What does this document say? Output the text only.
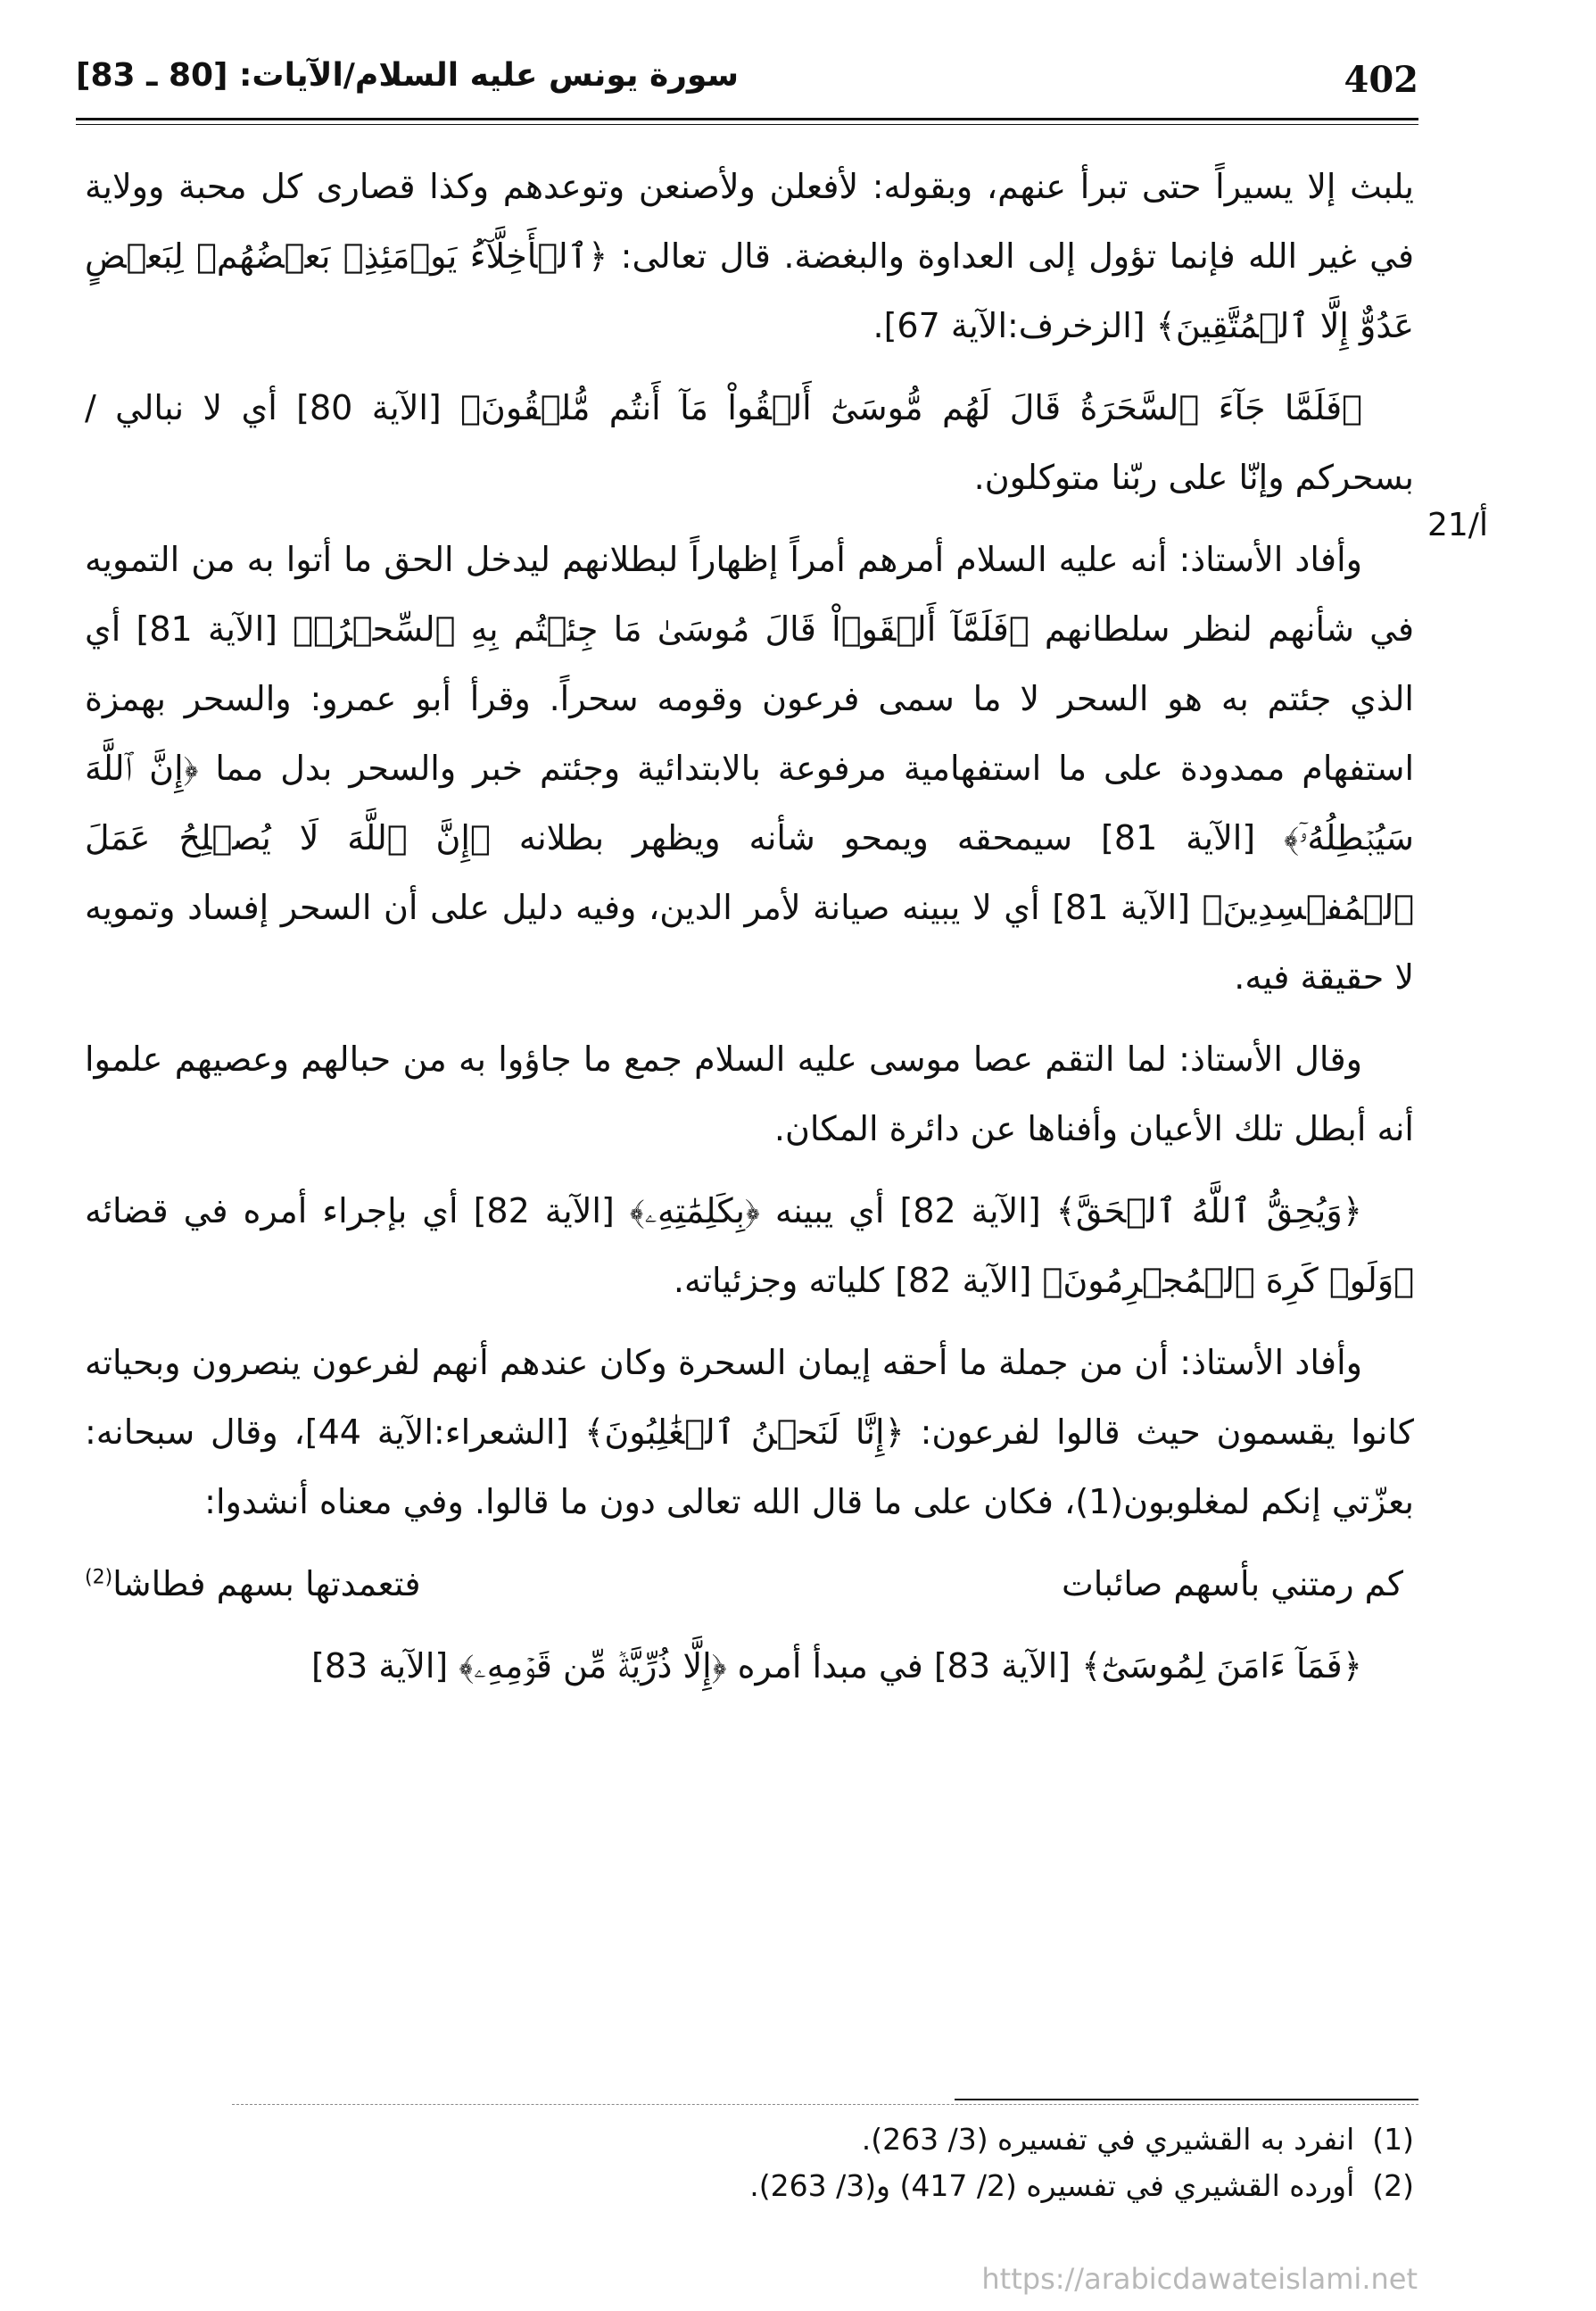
402
سورة يونس عليه السلام/الآيات: [80 ـ 83]
21/أ

يلبث إلا يسيراً حتى تبرأ عنهم، وبقوله: لأفعلن ولأصنعن وتوعدهم وكذا قصارى كل محبة وولاية في غير الله فإنما تؤول إلى العداوة والبغضة. قال تعالى: ﴿ٱلۡأَخِلَّآءُ يَوۡمَئِذِۭ بَعۡضُهُمۡ لِبَعۡضٍ عَدُوٌّ إِلَّا ٱلۡمُتَّقِينَ﴾ [الزخرف:الآية 67].

﴿فَلَمَّا جَآءَ ٱلسَّحَرَةُ قَالَ لَهُم مُّوسَىٰٓ أَلۡقُواْ مَآ أَنتُم مُّلۡقُونَ﴾ [الآية 80] أي لا نبالي / بسحركم وإنّا على ربّنا متوكلون.

وأفاد الأستاذ: أنه عليه السلام أمرهم أمراً إظهاراً لبطلانهم ليدخل الحق ما أتوا به من التمويه في شأنهم لنظر سلطانهم ﴿فَلَمَّآ أَلۡقَوۡاْ قَالَ مُوسَىٰ مَا جِئۡتُم بِهِ ٱلسِّحۡرُۖ﴾ [الآية 81] أي الذي جئتم به هو السحر لا ما سمى فرعون وقومه سحراً. وقرأ أبو عمرو: والسحر بهمزة استفهام ممدودة على ما استفهامية مرفوعة بالابتدائية وجئتم خبر والسحر بدل مما ﴿إِنَّ ٱللَّهَ سَيُبۡطِلُهُۥٓ﴾ [الآية 81] سيمحقه ويمحو شأنه ويظهر بطلانه ﴿إِنَّ ٱللَّهَ لَا يُصۡلِحُ عَمَلَ ٱلۡمُفۡسِدِينَ﴾ [الآية 81] أي لا يبينه صيانة لأمر الدين، وفيه دليل على أن السحر إفساد وتمويه لا حقيقة فيه.

وقال الأستاذ: لما التقم عصا موسى عليه السلام جمع ما جاؤوا به من حبالهم وعصيهم علموا أنه أبطل تلك الأعيان وأفناها عن دائرة المكان.

﴿وَيُحِقُّ ٱللَّهُ ٱلۡحَقَّ﴾ [الآية 82] أي يبينه ﴿بِكَلِمَٰتِهِۦ﴾ [الآية 82] أي بإجراء أمره في قضائه ﴿وَلَوۡ كَرِهَ ٱلۡمُجۡرِمُونَ﴾ [الآية 82] كلياته وجزئياته.

وأفاد الأستاذ: أن من جملة ما أحقه إيمان السحرة وكان عندهم أنهم لفرعون ينصرون وبحياته كانوا يقسمون حيث قالوا لفرعون: ﴿إِنَّا لَنَحۡنُ ٱلۡغَٰلِبُونَ﴾ [الشعراء:الآية 44]، وقال سبحانه: بعزّتي إنكم لمغلوبون(1)، فكان على ما قال الله تعالى دون ما قالوا. وفي معناه أنشدوا:

كم رمتني بأسهم صائبات
فتعمدتها بسهم فطاشا$^{(2)}$

﴿فَمَآ ءَامَنَ لِمُوسَىٰٓ﴾ [الآية 83] في مبدأ أمره ﴿إِلَّا ذُرِّيَّةٞ مِّن قَوۡمِهِۦ﴾ [الآية 83]

(1)
انفرد به القشيري في تفسيره (3/ 263).
(2)
أورده القشيري في تفسيره (2/ 417) و(3/ 263).
https://arabicdawateislami.net
